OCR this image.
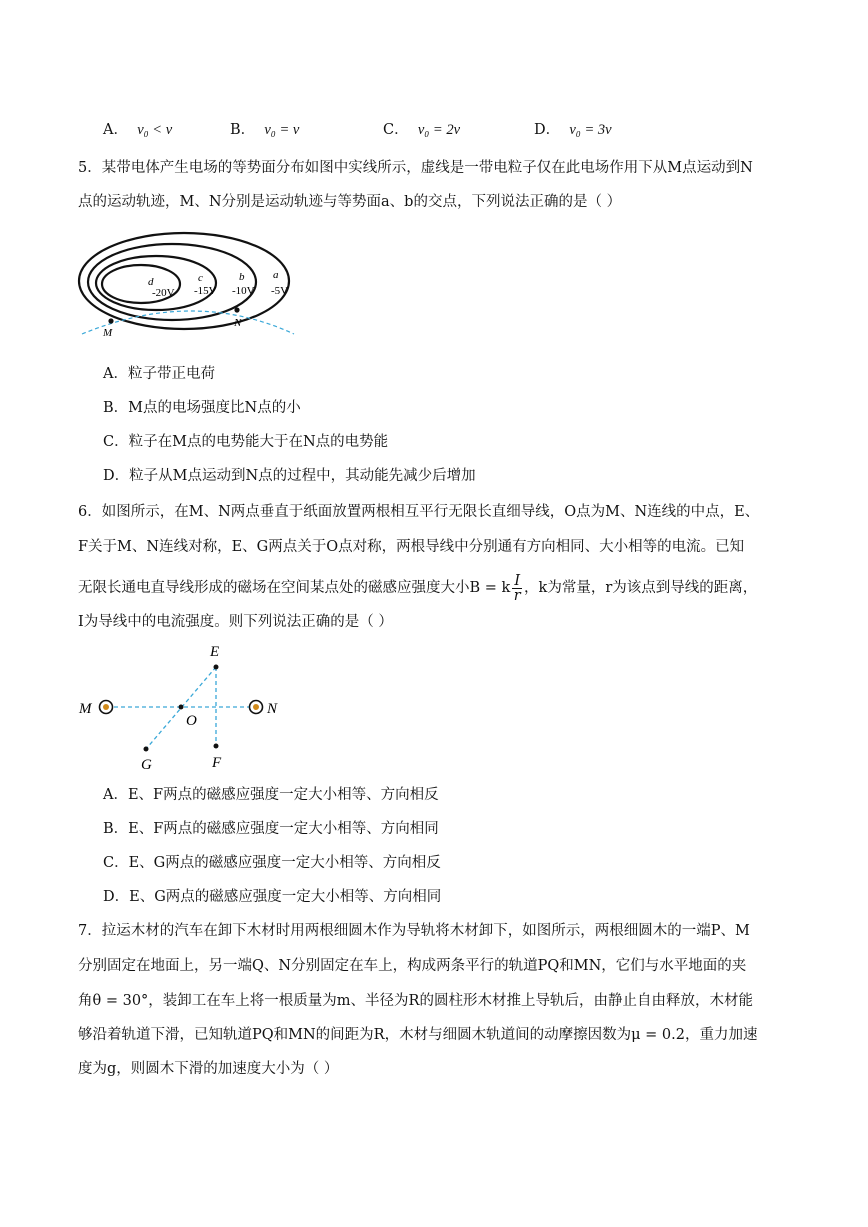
A． v₀ < v	B． v₀ = v	C． v₀ = 2v	D． v₀ = 3v
5．某带电体产生电场的等势面分布如图中实线所示，虚线是一带电粒子仅在此电场作用下从M点运动到N
点的运动轨迹，M、N分别是运动轨迹与等势面a、b的交点，下列说法正确的是（ ）
d
-20V
c
-15V
b
-10V
a
-5V
M
N
A．粒子带正电荷
B．M点的电场强度比N点的小
C．粒子在M点的电势能大于在N点的电势能
D．粒子从M点运动到N点的过程中，其动能先减少后增加
6．如图所示，在M、N两点垂直于纸面放置两根相互平行无限长直细导线，O点为M、N连线的中点，E、
F关于M、N连线对称，E、G两点关于O点对称，两根导线中分别通有方向相同、大小相等的电流。已知
无限长通电直导线形成的磁场在空间某点处的磁感应强度大小B = k $\frac{I}{r}$ ，k为常量，r为该点到导线的距离，
I为导线中的电流强度。则下列说法正确的是（ ）
E
M	N
O
F
G
A．E、F两点的磁感应强度一定大小相等、方向相反
B．E、F两点的磁感应强度一定大小相等、方向相同
C．E、G两点的磁感应强度一定大小相等、方向相反
D．E、G两点的磁感应强度一定大小相等、方向相同
7．拉运木材的汽车在卸下木材时用两根细圆木作为导轨将木材卸下，如图所示，两根细圆木的一端P、M
分别固定在地面上，另一端Q、N分别固定在车上，构成两条平行的轨道PQ和MN，它们与水平地面的夹
角θ = 30°，装卸工在车上将一根质量为m、半径为R的圆柱形木材推上导轨后，由静止自由释放，木材能
够沿着轨道下滑，已知轨道PQ和MN的间距为R，木材与细圆木轨道间的动摩擦因数为μ = 0.2，重力加速
度为g，则圆木下滑的加速度大小为（ ）
